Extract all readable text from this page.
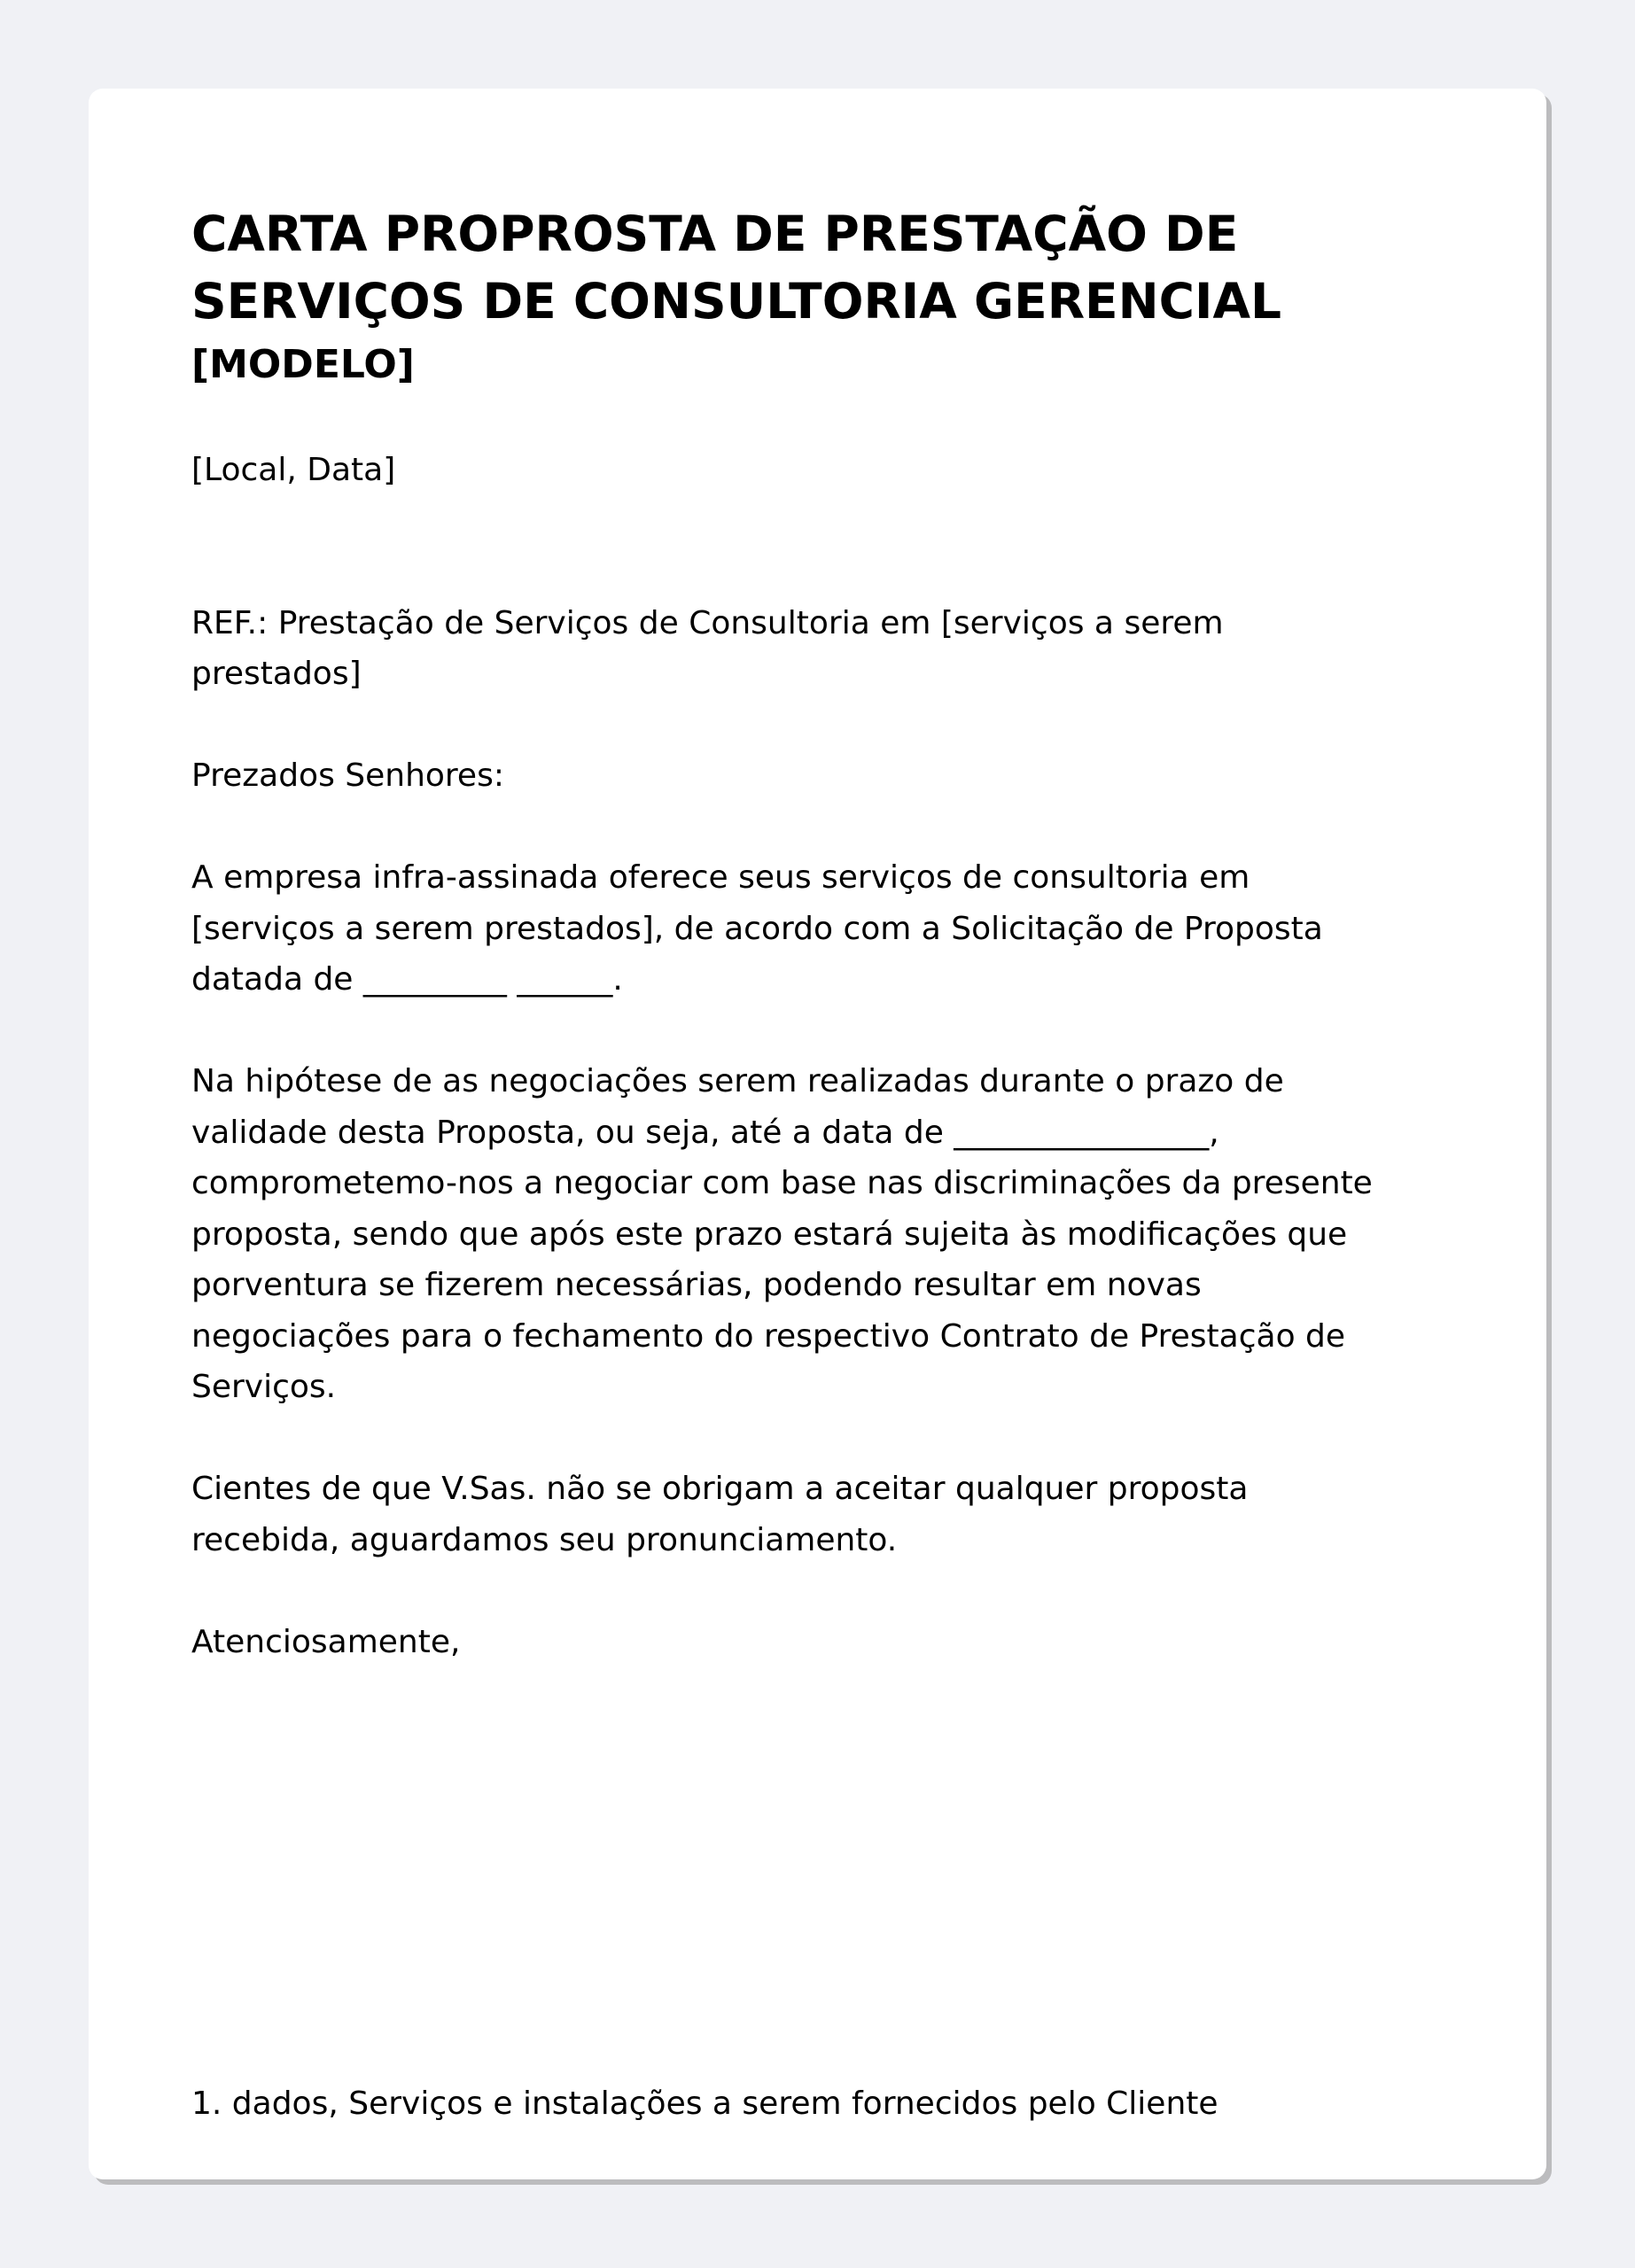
CARTA PROPROSTA DE PRESTAÇÃO DE
SERVIÇOS DE CONSULTORIA GERENCIAL
[MODELO]

[Local, Data]

REF.: Prestação de Serviços de Consultoria em [serviços a serem
prestados]

Prezados Senhores:

A empresa infra-assinada oferece seus serviços de consultoria em
[serviços a serem prestados], de acordo com a Solicitação de Proposta
datada de _________ ______.

Na hipótese de as negociações serem realizadas durante o prazo de
validade desta Proposta, ou seja, até a data de ________________,
comprometemo-nos a negociar com base nas discriminações da presente
proposta, sendo que após este prazo estará sujeita às modificações que
porventura se fizerem necessárias, podendo resultar em novas
negociações para o fechamento do respectivo Contrato de Prestação de
Serviços.

Cientes de que V.Sas. não se obrigam a aceitar qualquer proposta
recebida, aguardamos seu pronunciamento.

Atenciosamente,

1. dados, Serviços e instalações a serem fornecidos pelo Cliente
